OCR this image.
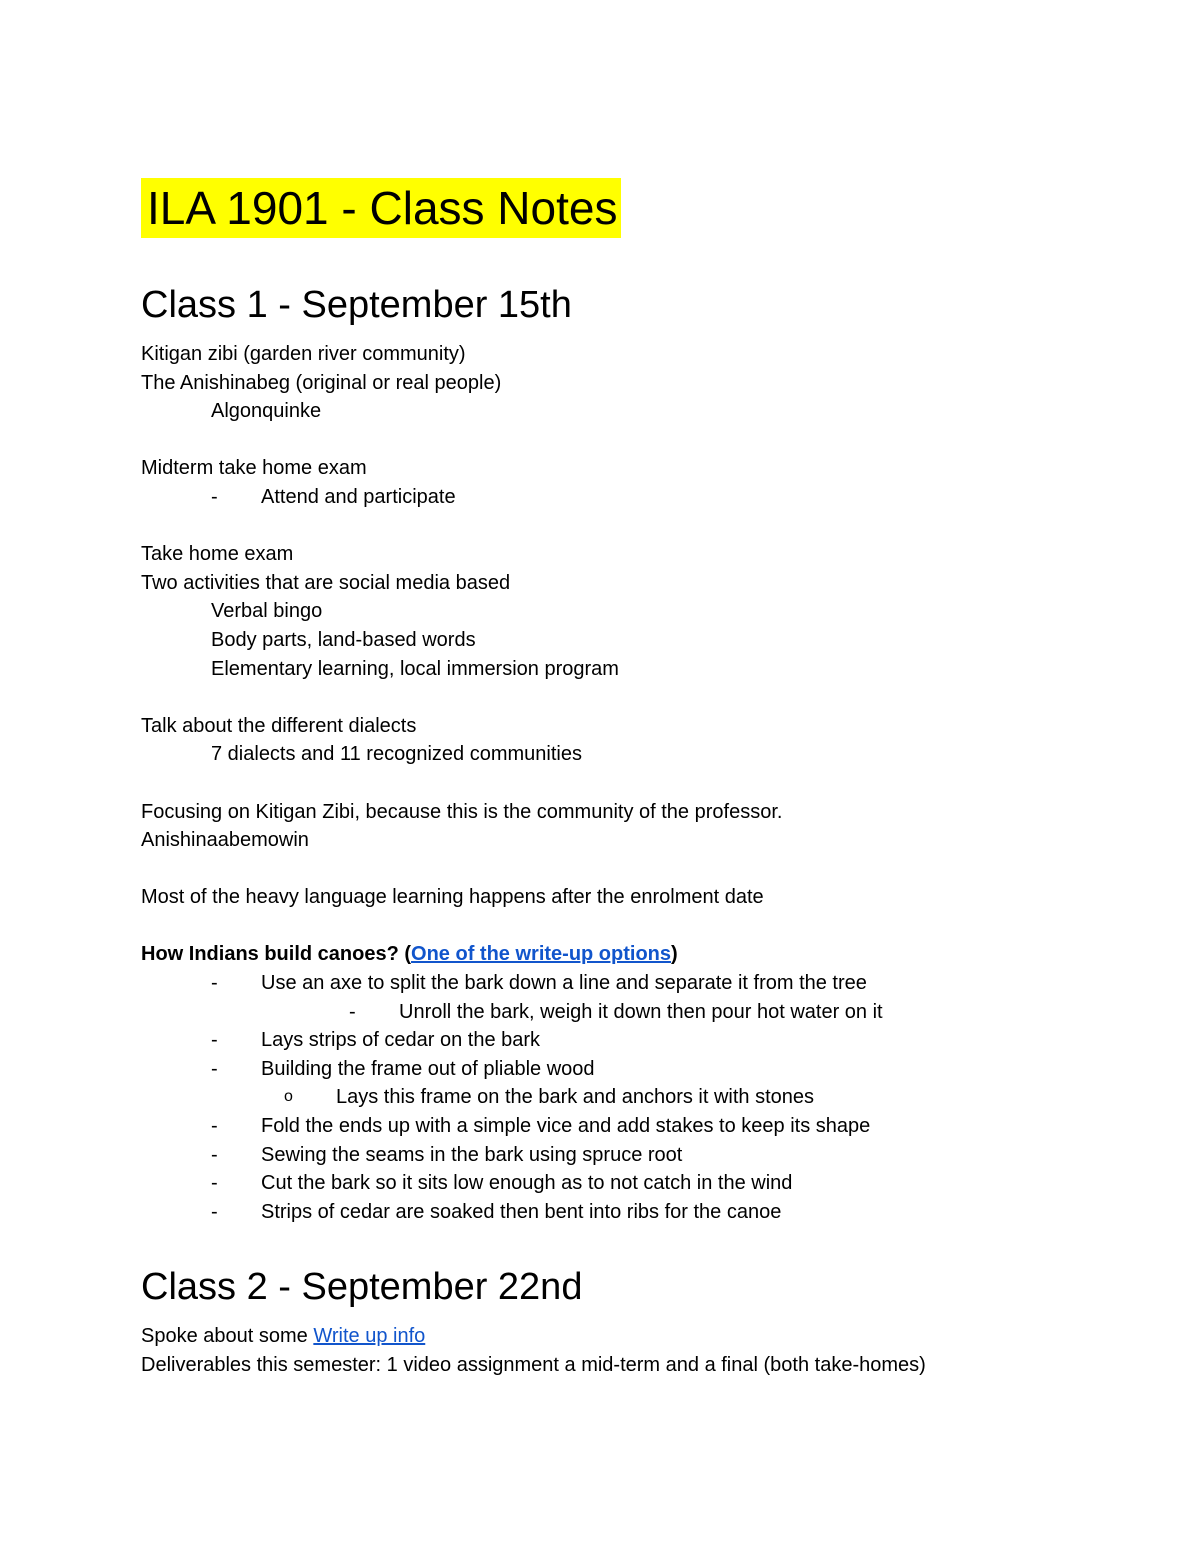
ILA 1901 - Class Notes
Class 1 - September 15th

Kitigan zibi (garden river community)

The Anishinabeg (original or real people)

Algonquinke

Midterm take home exam

-	Attend and participate

Take home exam

Two activities that are social media based

Verbal bingo

Body parts, land-based words

Elementary learning, local immersion program

Talk about the different dialects

7 dialects and 11 recognized communities

Focusing on Kitigan Zibi, because this is the community of the professor.

Anishinaabemowin

Most of the heavy language learning happens after the enrolment date

How Indians build canoes? (One of the write-up options)

-	Use an axe to split the bark down a line and separate it from the tree
-	Unroll the bark, weigh it down then pour hot water on it
-	Lays strips of cedar on the bark
-	Building the frame out of pliable wood
o	Lays this frame on the bark and anchors it with stones
-	Fold the ends up with a simple vice and add stakes to keep its shape
-	Sewing the seams in the bark using spruce root
-	Cut the bark so it sits low enough as to not catch in the wind
-	Strips of cedar are soaked then bent into ribs for the canoe
Class 2 - September 22nd

Spoke about some Write up info

Deliverables this semester: 1 video assignment a mid-term and a final (both take-homes)
